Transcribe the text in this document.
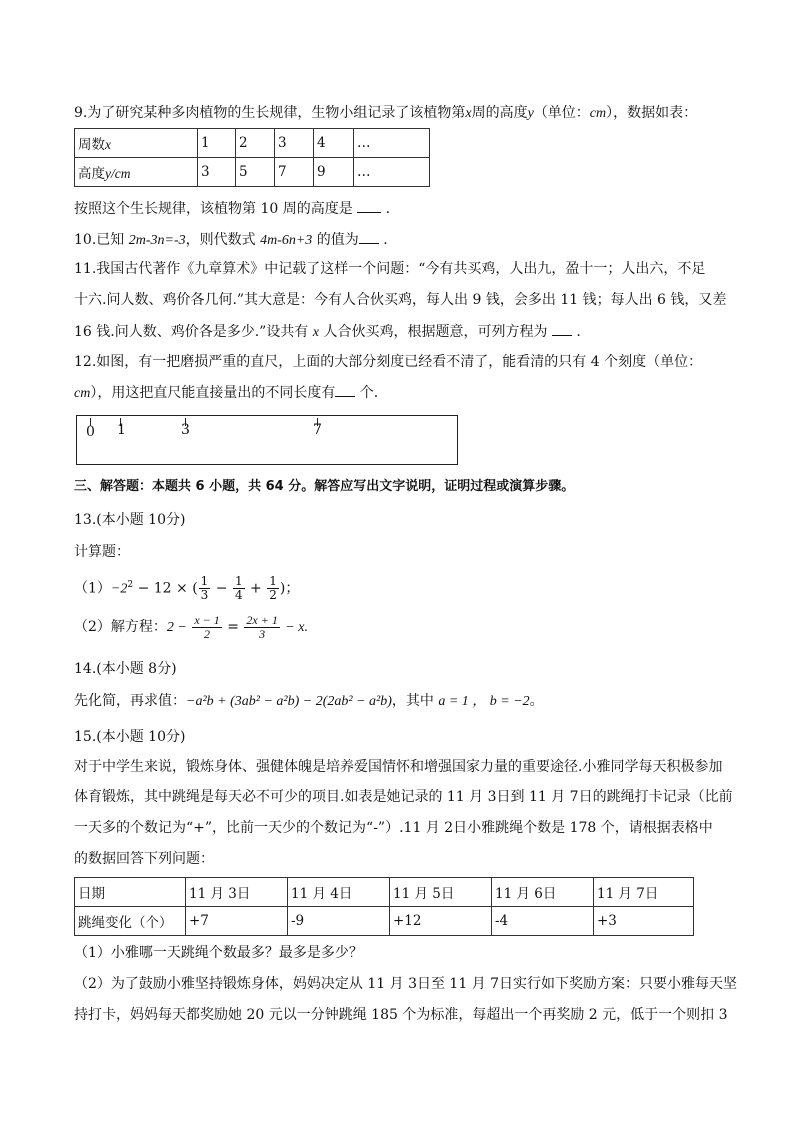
9.为了研究某种多肉植物的生长规律，生物小组记录了该植物第x周的高度y（单位：cm），数据如表：
周数x	1	2	3	4	…
高度y/cm	3	5	7	9	…
按照这个生长规律，该植物第 10 周的高度是 .
10.已知 2m-3n=-3，则代数式 4m-6n+3 的值为 .
11.我国古代著作《九章算术》中记载了这样一个问题：“今有共买鸡，人出九，盈十一；人出六，不足
十六.问人数、鸡价各几何.”其大意是：今有人合伙买鸡，每人出 9 钱，会多出 11 钱；每人出 6 钱，又差
16 钱.问人数、鸡价各是多少.”设共有 x 人合伙买鸡，根据题意，可列方程为 .
12.如图，有一把磨损严重的直尺，上面的大部分刻度已经看不清了，能看清的只有 4 个刻度（单位：
cm），用这把直尺能直接量出的不同长度有 个.
0 1	3	7
三、解答题：本题共 6 小题，共 64 分。解答应写出文字说明，证明过程或演算步骤。
13.(本小题 10分)
计算题：
$(1)-2^2 - 12$ × ( $\frac{1}{3} - \frac{1}{4} + \frac{1}{2}$ )；
（2）解方程：$2 - \frac{x - 1}{2} = \frac{2x + 1}{3} - x$.
14.(本小题 8分)
先化简，再求值：−a²b + (3ab² − a²b) − 2(2ab² − a²b)，其中 a = 1 ， b = −2。
15.(本小题 10分)
对于中学生来说，锻炼身体、强健体魄是培养爱国情怀和增强国家力量的重要途径.小雅同学每天积极参加
体育锻炼，其中跳绳是每天必不可少的项目.如表是她记录的 11 月 3日到 11 月 7日的跳绳打卡记录（比前
一天多的个数记为“+”，比前一天少的个数记为“-”）.11 月 2日小雅跳绳个数是 178 个，请根据表格中
的数据回答下列问题：
日期	11 月 3日	11 月 4日	11 月 5日	11 月 6日	11 月 7日
跳绳变化（个）	+7	-9	+12	-4	+3
（1）小雅哪一天跳绳个数最多？最多是多少？
（2）为了鼓励小雅坚持锻炼身体，妈妈决定从 11 月 3日至 11 月 7日实行如下奖励方案：只要小雅每天坚
持打卡，妈妈每天都奖励她 20 元以一分钟跳绳 185 个为标准，每超出一个再奖励 2 元，低于一个则扣 3
